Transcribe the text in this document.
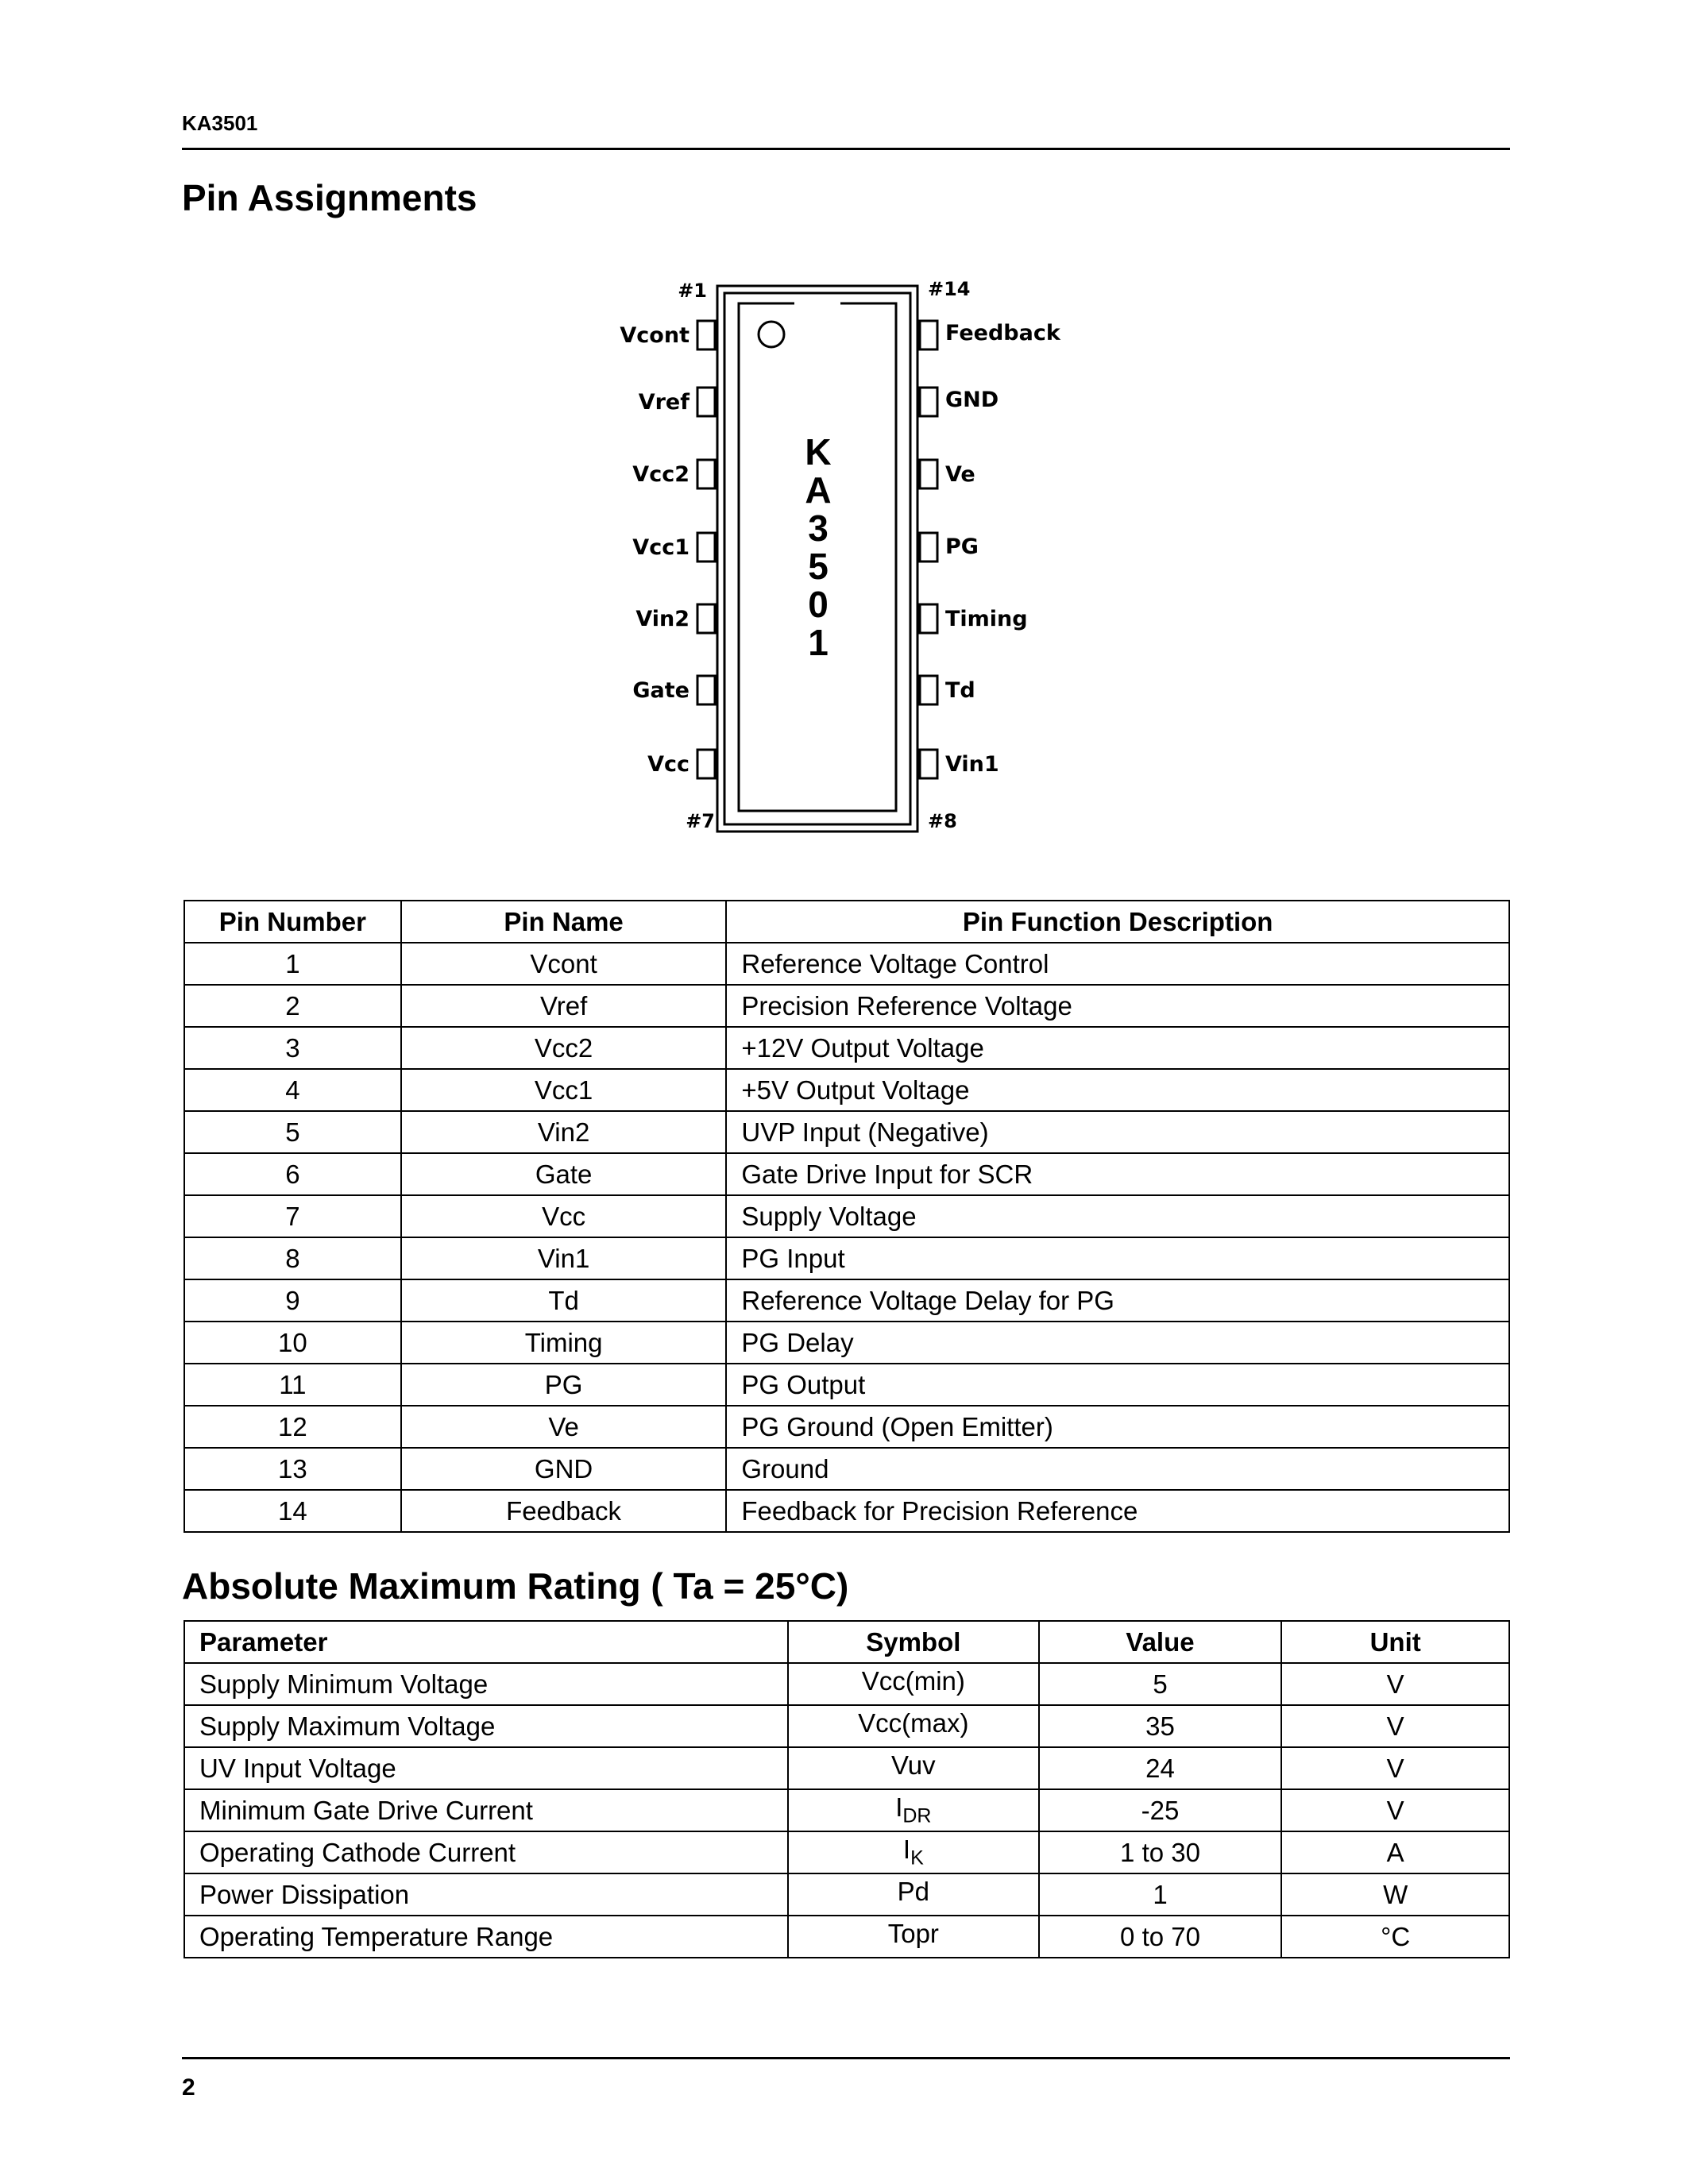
KA3501
Pin Assignments
K
A
3
5
0
1
#1	#14
#7	#8
Vcont
Vref
Vcc2
Vcc1
Vin2
Gate
Vcc
Feedback
GND
Ve
PG
Timing
Td
Vin1
Pin Number	Pin Name	Pin Function Description
1	Vcont	Reference Voltage Control
2	Vref	Precision Reference Voltage
3	Vcc2	+12V Output Voltage
4	Vcc1	+5V Output Voltage
5	Vin2	UVP Input (Negative)
6	Gate	Gate Drive Input for SCR
7	Vcc	Supply Voltage
8	Vin1	PG Input
9	Td	Reference Voltage Delay for PG
10	Timing	PG Delay
11	PG	PG Output
12	Ve	PG Ground (Open Emitter)
13	GND	Ground
14	Feedback	Feedback for Precision Reference
Absolute Maximum Rating ( Ta = 25°C)
Parameter	Symbol	Value	Unit
Supply Minimum Voltage	Vcc(min)	5	V
Supply Maximum Voltage	Vcc(max)	35	V
UV Input Voltage	Vuv	24	V
Minimum Gate Drive Current	$I_{DR}$	-25	V
Operating Cathode Current	$I_K$	1 to 30	A
Power Dissipation	Pd	1	W
Operating Temperature Range	Topr	0 to 70	°C
2
